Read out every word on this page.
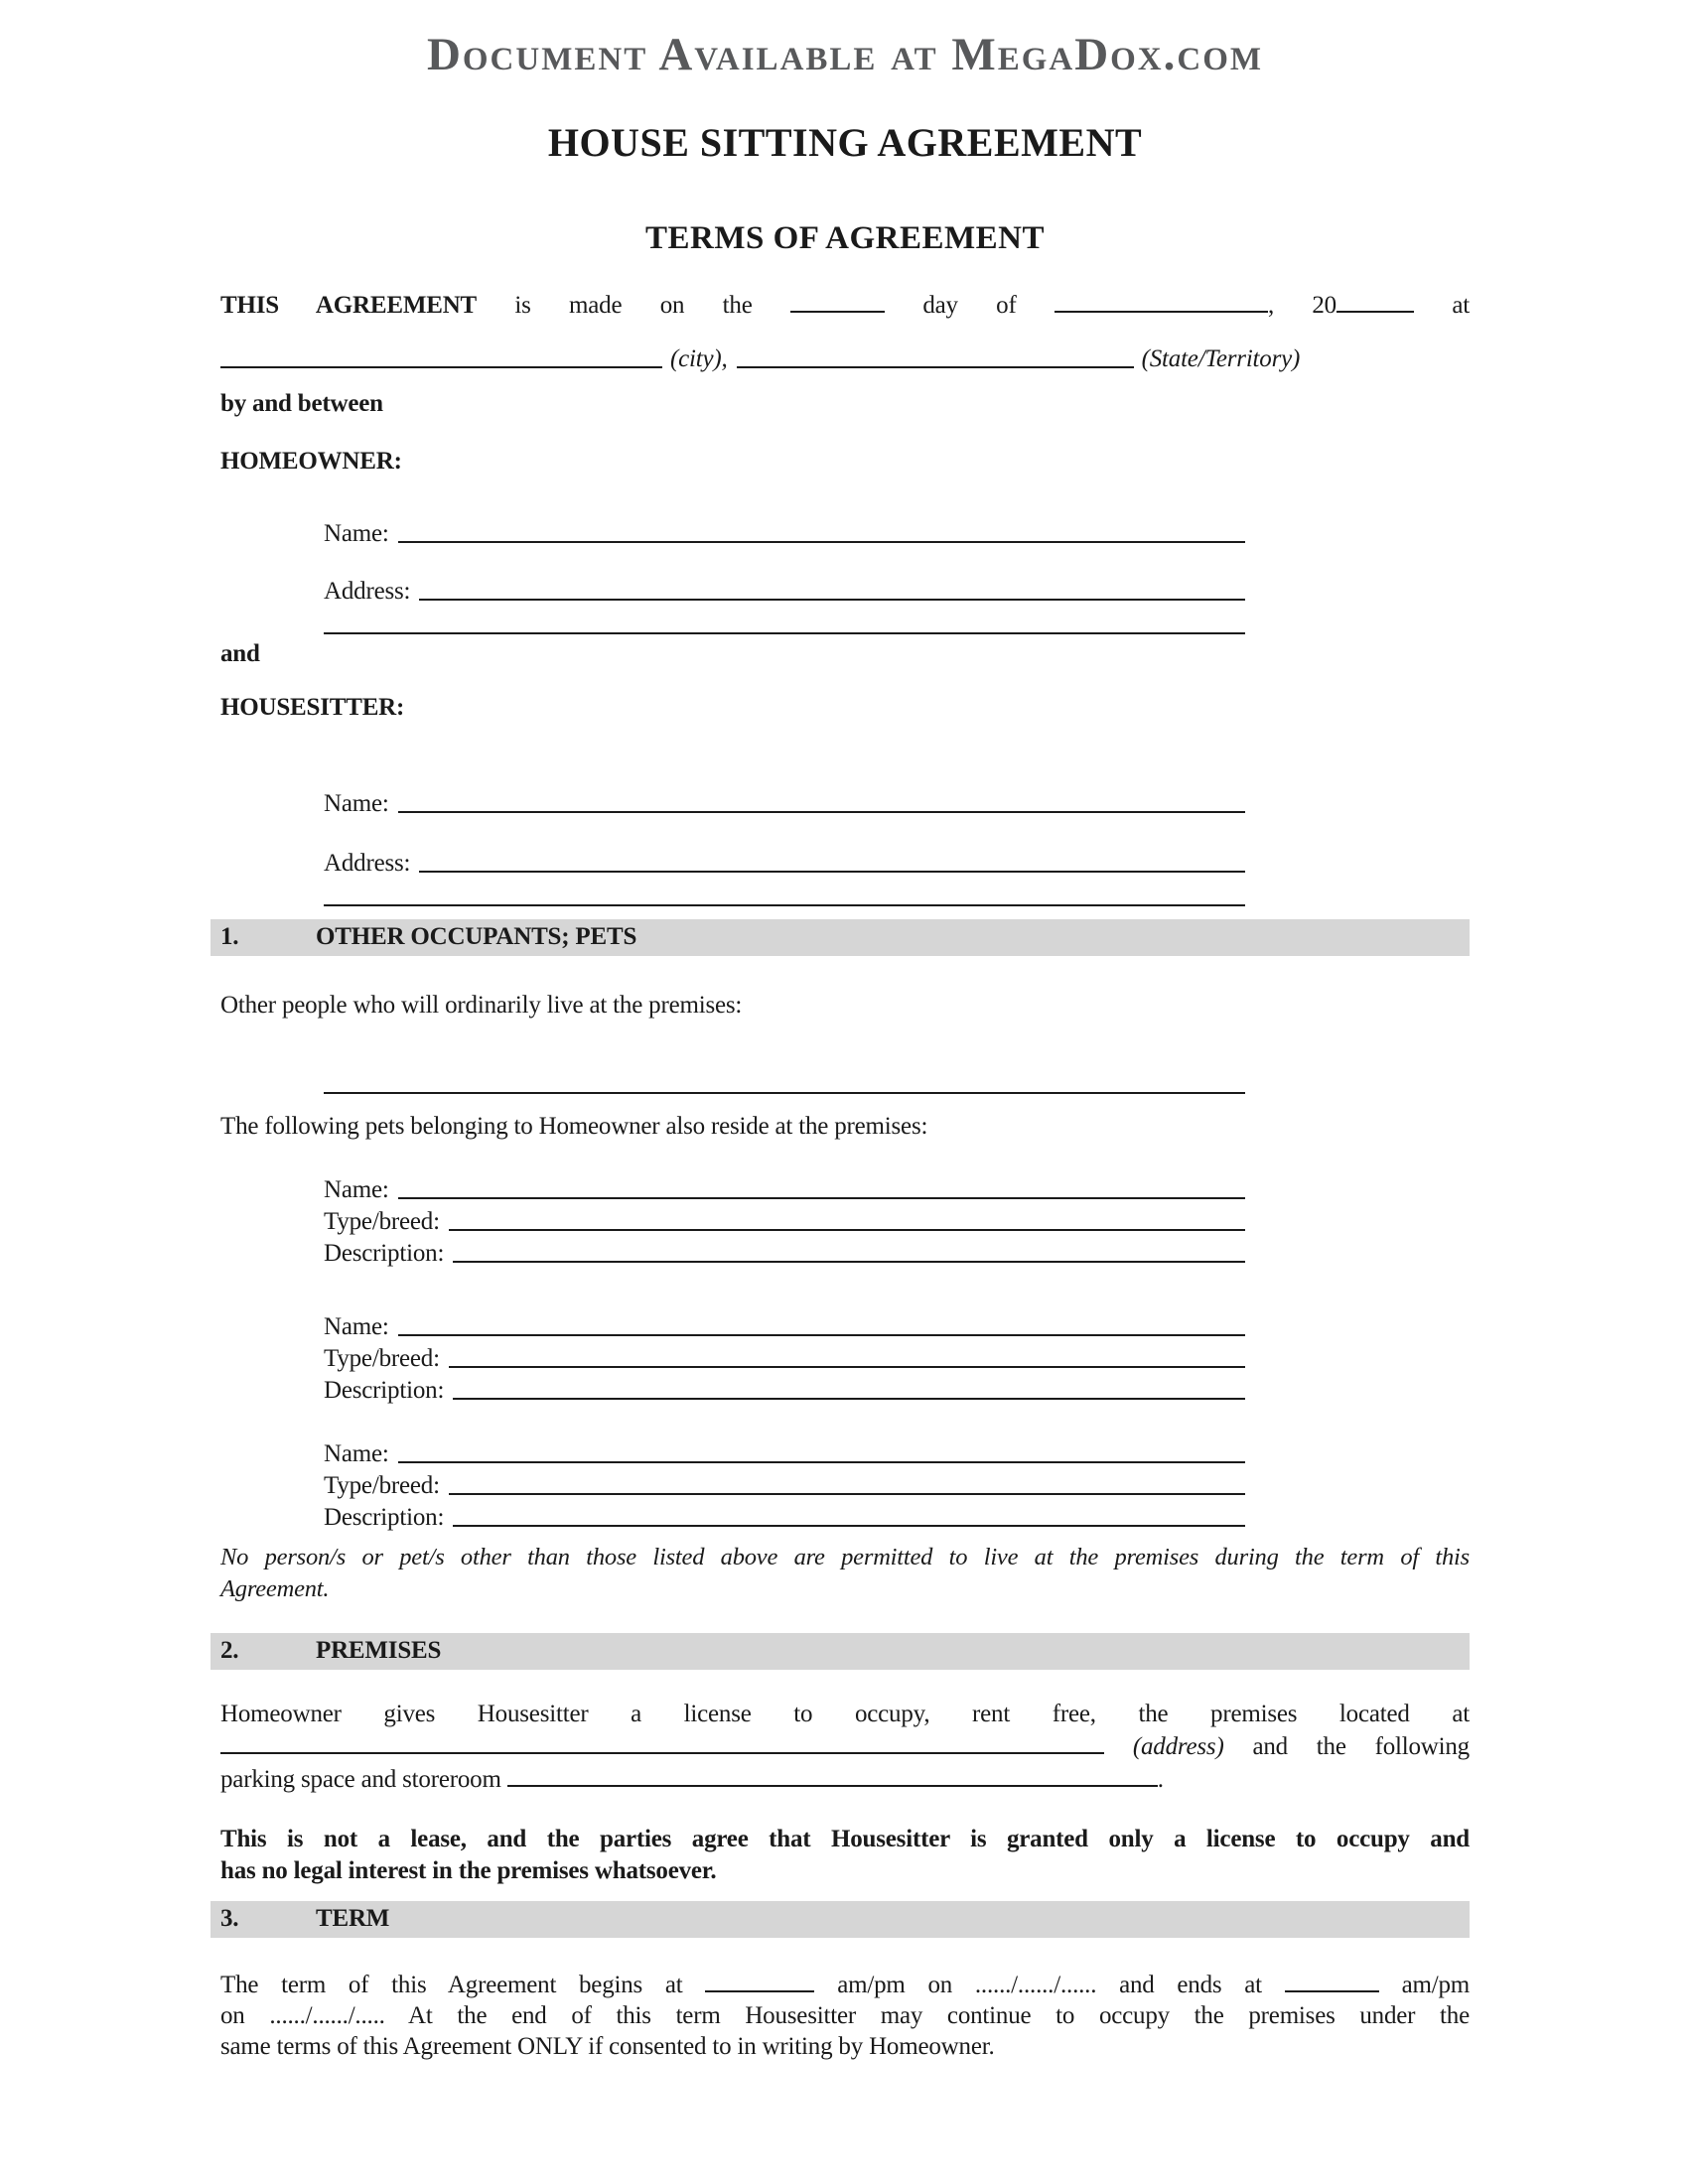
Document Available at MegaDox.com
HOUSE SITTING AGREEMENT
TERMS OF AGREEMENT
THIS AGREEMENT is made on the	day of	, 20	at
(city),	(State/Territory)
by and between
HOMEOWNER:
Name:
Address:
and
HOUSESITTER:
Name:
Address:
1.	OTHER OCCUPANTS; PETS
Other people who will ordinarily live at the premises:
The following pets belonging to Homeowner also reside at the premises:
Name:
Type/breed:
Description:
Name:
Type/breed:
Description:
Name:
Type/breed:
Description:
No person/s or pet/s other than those listed above are permitted to live at the premises during the term of this
Agreement.
2.	PREMISES
Homeowner gives Housesitter a license to occupy, rent free, the premises located at
(address) and the following
parking space and storeroom	.
This is not a lease, and the parties agree that Housesitter is granted only a license to occupy and
has no legal interest in the premises whatsoever.
3.	TERM
The term of this Agreement begins at	am/pm on ....../....../...... and ends at	am/pm
on ....../....../..... At the end of this term Housesitter may continue to occupy the premises under the
same terms of this Agreement ONLY if consented to in writing by Homeowner.
